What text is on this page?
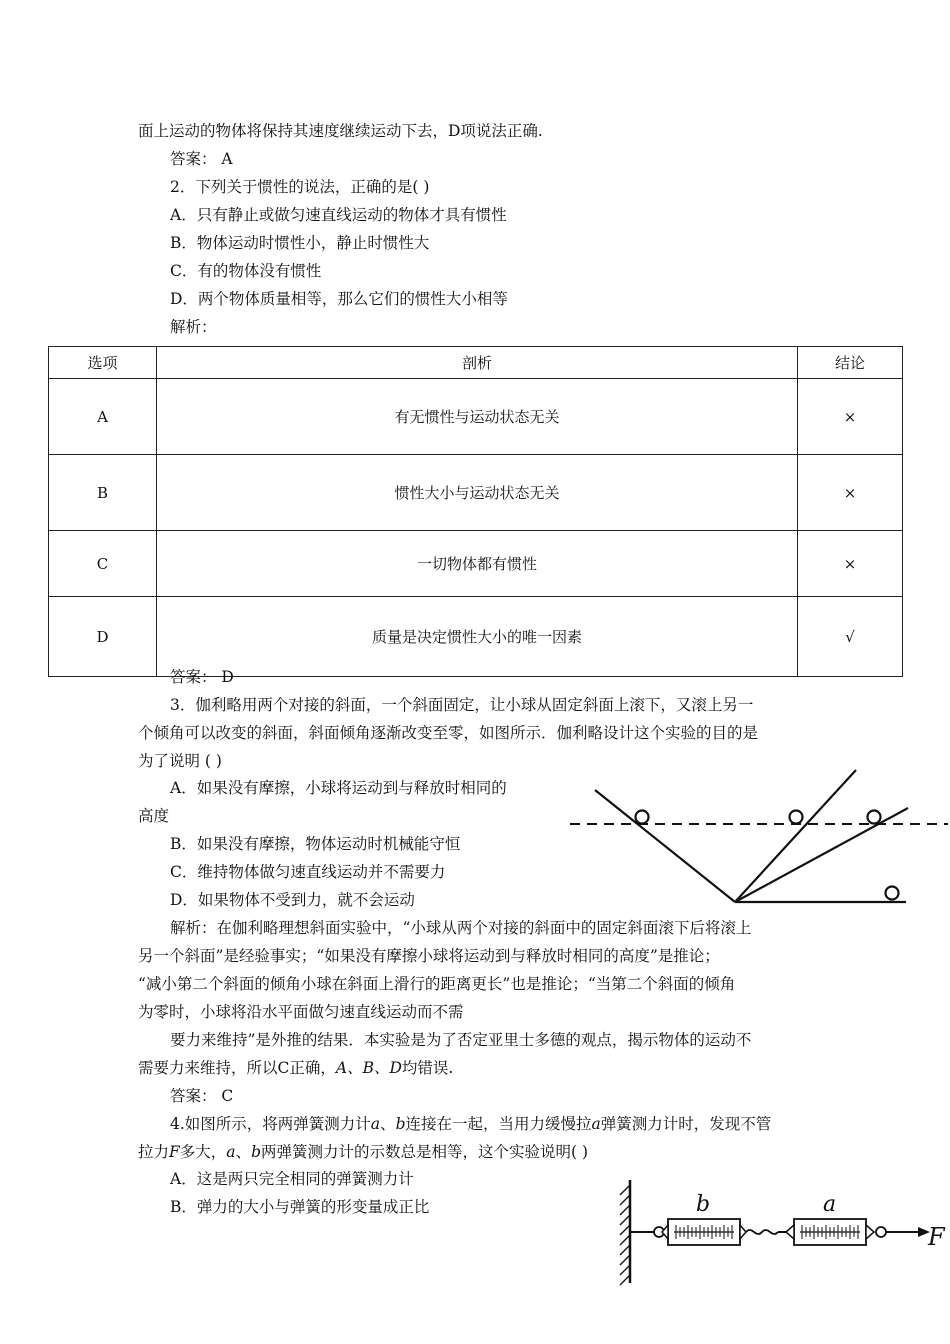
面上运动的物体将保持其速度继续运动下去，D项说法正确.
答案： A
2．下列关于惯性的说法，正确的是( )
A．只有静止或做匀速直线运动的物体才具有惯性
B．物体运动时惯性小，静止时惯性大
C．有的物体没有惯性
D．两个物体质量相等，那么它们的惯性大小相等
解析：
选项	剖析	结论
A	有无惯性与运动状态无关	×
B	惯性大小与运动状态无关	×
C	一切物体都有惯性	×
D	质量是决定惯性大小的唯一因素	√
答案： D
3．伽利略用两个对接的斜面，一个斜面固定，让小球从固定斜面上滚下，又滚上另一
个倾角可以改变的斜面，斜面倾角逐渐改变至零，如图所示．伽利略设计这个实验的目的是
为了说明 ( )
A．如果没有摩擦，小球将运动到与释放时相同的
高度
B．如果没有摩擦，物体运动时机械能守恒
C．维持物体做匀速直线运动并不需要力
D．如果物体不受到力，就不会运动
解析：在伽利略理想斜面实验中，“小球从两个对接的斜面中的固定斜面滚下后将滚上
另一个斜面”是经验事实；“如果没有摩擦小球将运动到与释放时相同的高度”是推论；
“减小第二个斜面的倾角小球在斜面上滑行的距离更长”也是推论；“当第二个斜面的倾角
为零时，小球将沿水平面做匀速直线运动而不需
要力来维持”是外推的结果．本实验是为了否定亚里士多德的观点，揭示物体的运动不
需要力来维持，所以C正确，A、B、D均错误.
答案： C
4.如图所示，将两弹簧测力计a、b连接在一起，当用力缓慢拉a弹簧测力计时，发现不管
拉力F多大，a、b两弹簧测力计的示数总是相等，这个实验说明( )
A．这是两只完全相同的弹簧测力计
B．弹力的大小与弹簧的形变量成正比	b	a
F
